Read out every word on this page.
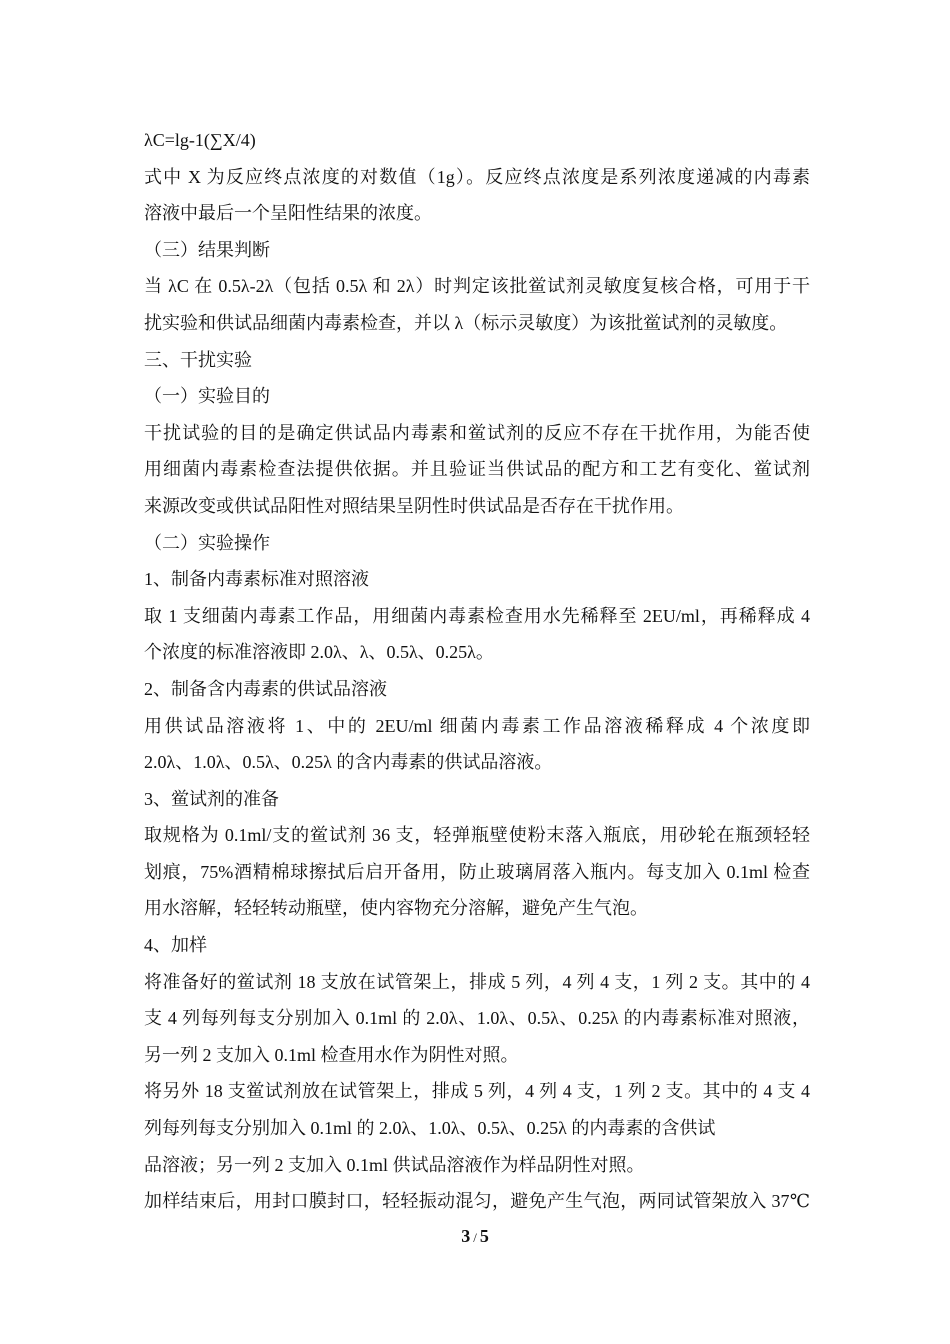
λC=lg-1(∑X/4)
式中 X 为反应终点浓度的对数值（1g）。反应终点浓度是系列浓度递减的内毒素
溶液中最后一个呈阳性结果的浓度。
（三）结果判断
当 λC 在 0.5λ-2λ（包括 0.5λ 和 2λ）时判定该批鲎试剂灵敏度复核合格，可用于干
扰实验和供试品细菌内毒素检查，并以 λ（标示灵敏度）为该批鲎试剂的灵敏度。
三、干扰实验
（一）实验目的
干扰试验的目的是确定供试品内毒素和鲎试剂的反应不存在干扰作用，为能否使
用细菌内毒素检查法提供依据。并且验证当供试品的配方和工艺有变化、鲎试剂
来源改变或供试品阳性对照结果呈阴性时供试品是否存在干扰作用。
（二）实验操作
1、制备内毒素标准对照溶液
取 1 支细菌内毒素工作品，用细菌内毒素检查用水先稀释至 2EU/ml，再稀释成 4
个浓度的标准溶液即 2.0λ、λ、0.5λ、0.25λ。
2、制备含内毒素的供试品溶液
用供试品溶液将 1、中的 2EU/ml 细菌内毒素工作品溶液稀释成 4 个浓度即
2.0λ、1.0λ、0.5λ、0.25λ 的含内毒素的供试品溶液。
3、鲎试剂的准备
取规格为 0.1ml/支的鲎试剂 36 支，轻弹瓶壁使粉末落入瓶底，用砂轮在瓶颈轻轻
划痕，75%酒精棉球擦拭后启开备用，防止玻璃屑落入瓶内。每支加入 0.1ml 检查
用水溶解，轻轻转动瓶壁，使内容物充分溶解，避免产生气泡。
4、加样
将准备好的鲎试剂 18 支放在试管架上，排成 5 列，4 列 4 支，1 列 2 支。其中的 4
支 4 列每列每支分别加入 0.1ml 的 2.0λ、1.0λ、0.5λ、0.25λ 的内毒素标准对照液，
另一列 2 支加入 0.1ml 检查用水作为阴性对照。
将另外 18 支鲎试剂放在试管架上，排成 5 列，4 列 4 支，1 列 2 支。其中的 4 支 4
列每列每支分别加入 0.1ml 的 2.0λ、1.0λ、0.5λ、0.25λ 的内毒素的含供试
品溶液；另一列 2 支加入 0.1ml 供试品溶液作为样品阴性对照。
加样结束后，用封口膜封口，轻轻振动混匀，避免产生气泡，两同试管架放入 37℃
3 / 5
